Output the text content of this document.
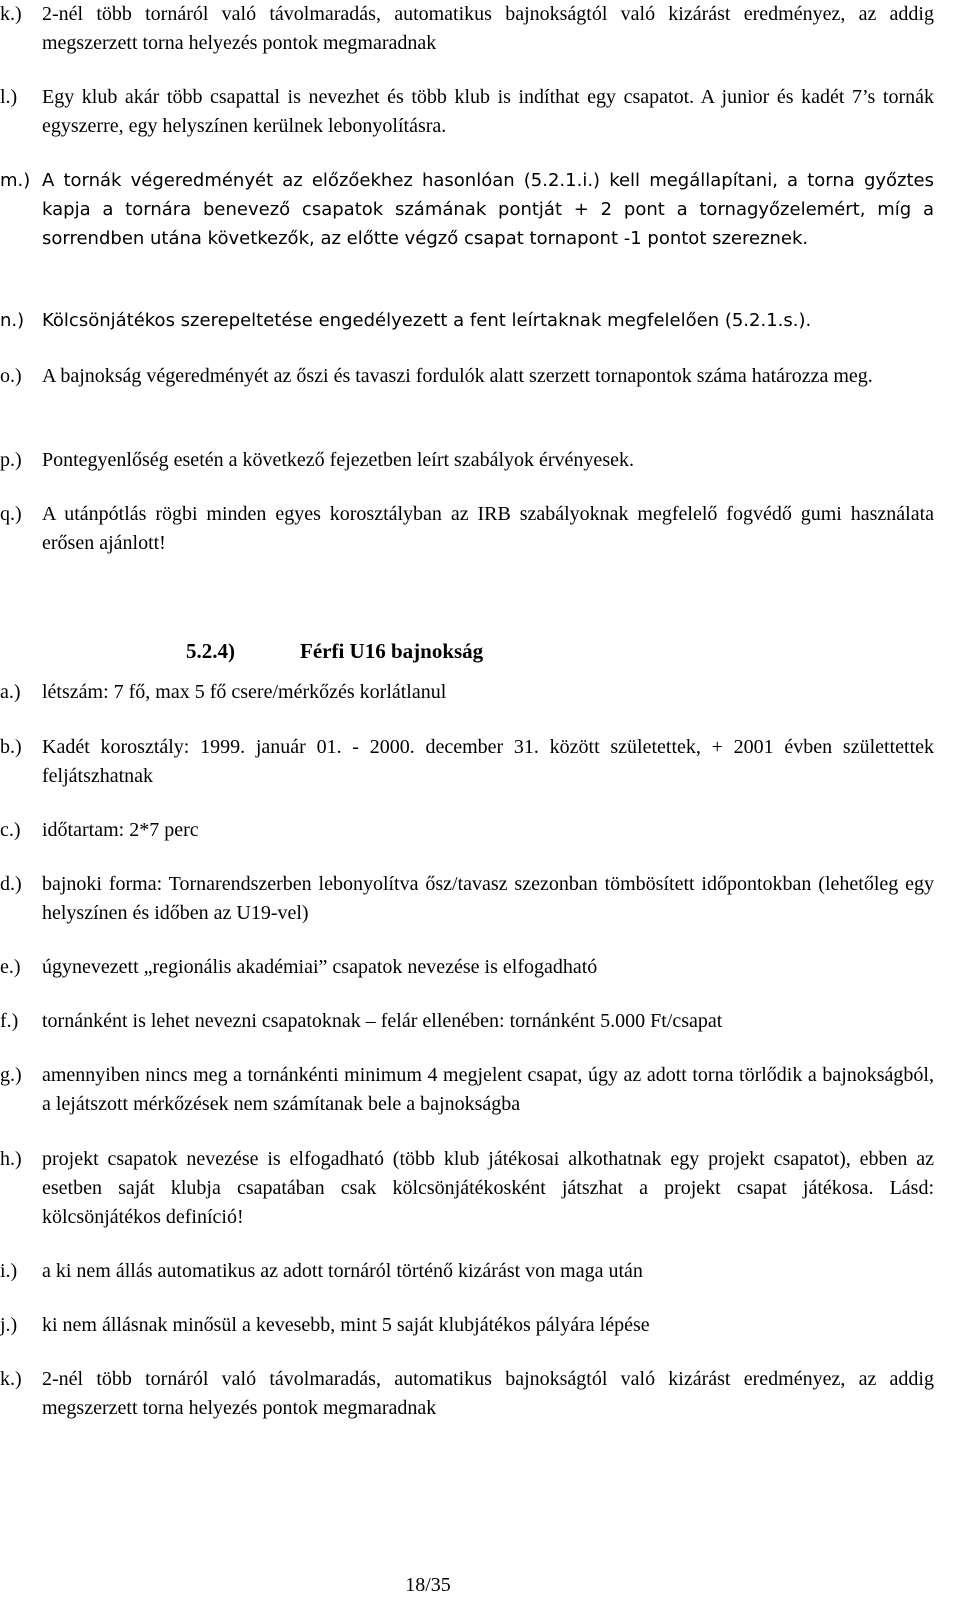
k.)	2-nél több tornáról való távolmaradás, automatikus bajnokságtól való kizárást eredményez, az addig megszerzett torna helyezés pontok megmaradnak
l.)	Egy klub akár több csapattal is nevezhet és több klub is indíthat egy csapatot. A junior és kadét 7’s tornák egyszerre, egy helyszínen kerülnek lebonyolításra.
m.) A tornák végeredményét az előzőekhez hasonlóan (5.2.1.i.) kell megállapítani, a torna győztes kapja a tornára benevező csapatok számának pontját + 2 pont a tornagyőzelemért, míg a sorrendben utána következők, az előtte végző csapat tornapont -1 pontot szereznek.
n.) Kölcsönjátékos szerepeltetése engedélyezett a fent leírtaknak megfelelően (5.2.1.s.).
o.)	A bajnokság végeredményét az őszi és tavaszi fordulók alatt szerzett tornapontok száma határozza meg.
p.)	Pontegyenlőség esetén a következő fejezetben leírt szabályok érvényesek.
q.)	A utánpótlás rögbi minden egyes korosztályban az IRB szabályoknak megfelelő fogvédő gumi használata erősen ajánlott!
5.2.4)	Férfi U16 bajnokság
a.)	létszám: 7 fő, max 5 fő csere/mérkőzés korlátlanul
b.)	Kadét korosztály: 1999. január 01. - 2000. december 31. között születettek, + 2001 évben születtettek feljátszhatnak
c.)	időtartam: 2*7 perc
d.)	bajnoki forma: Tornarendszerben lebonyolítva ősz/tavasz szezonban tömbösített időpontokban (lehetőleg egy helyszínen és időben az U19-vel)
e.)	úgynevezett „regionális akadémiai” csapatok nevezése is elfogadható
f.)	tornánként is lehet nevezni csapatoknak – felár ellenében: tornánként 5.000 Ft/csapat
g.)	amennyiben nincs meg a tornánkénti minimum 4 megjelent csapat, úgy az adott torna törlődik a bajnokságból, a lejátszott mérkőzések nem számítanak bele a bajnokságba
h.)	projekt csapatok nevezése is elfogadható (több klub játékosai alkothatnak egy projekt csapatot), ebben az esetben saját klubja csapatában csak kölcsönjátékosként játszhat a projekt csapat játékosa. Lásd: kölcsönjátékos definíció!
i.)	a ki nem állás automatikus az adott tornáról történő kizárást von maga után
j.)	ki nem állásnak minősül a kevesebb, mint 5 saját klubjátékos pályára lépése
k.)	2-nél több tornáról való távolmaradás, automatikus bajnokságtól való kizárást eredményez, az addig megszerzett torna helyezés pontok megmaradnak
18/35
